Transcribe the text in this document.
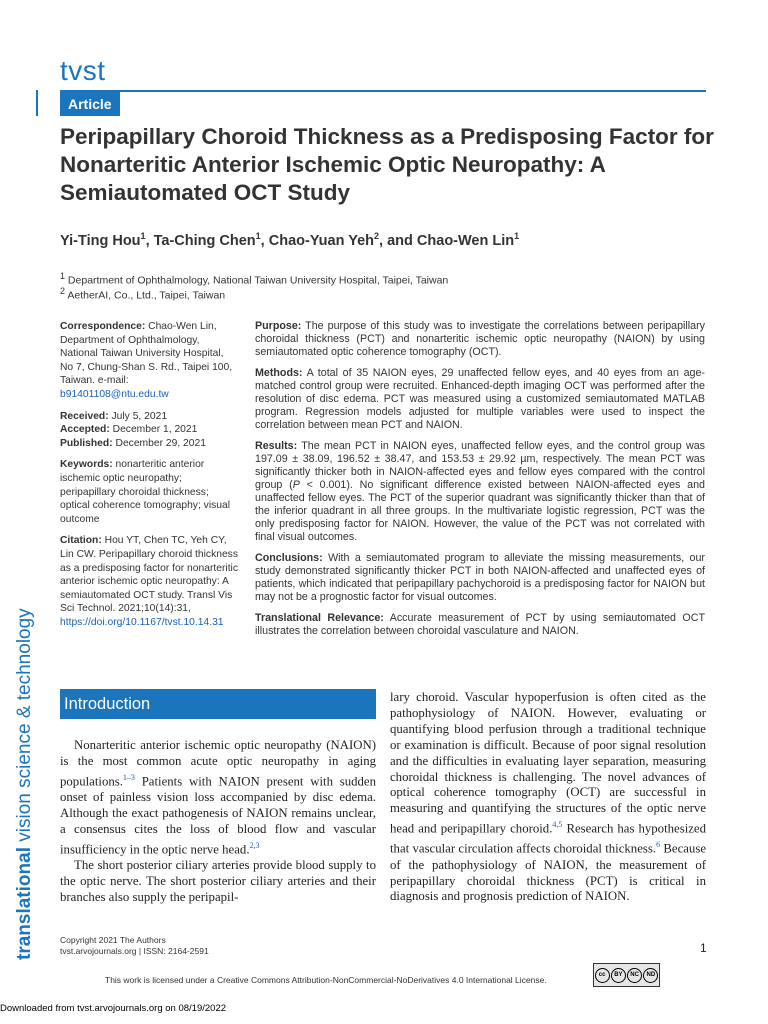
tvst
translational vision science & technology
Article
Peripapillary Choroid Thickness as a Predisposing Factor for Nonarteritic Anterior Ischemic Optic Neuropathy: A Semiautomated OCT Study
Yi-Ting Hou$^1$, Ta-Ching Chen$^1$, Chao-Yuan Yeh$^2$, and Chao-Wen Lin$^1$
$^1$ Department of Ophthalmology, National Taiwan University Hospital, Taipei, Taiwan
$^2$ AetherAI, Co., Ltd., Taipei, Taiwan

Correspondence: Chao-Wen Lin, Department of Ophthalmology, National Taiwan University Hospital, No 7, Chung-Shan S. Rd., Taipei 100, Taiwan. e-mail:
b91401108@ntu.edu.tw

Received: July 5, 2021
Accepted: December 1, 2021
Published: December 29, 2021

Keywords: nonarteritic anterior ischemic optic neuropathy; peripapillary choroidal thickness; optical coherence tomography; visual outcome

Citation: Hou YT, Chen TC, Yeh CY, Lin CW. Peripapillary choroid thickness as a predisposing factor for nonarteritic anterior ischemic optic neuropathy: A semiautomated OCT study. Transl Vis Sci Technol. 2021;10(14):31,
https://doi.org/10.1167/tvst.10.14.31

Purpose: The purpose of this study was to investigate the correlations between peripapillary choroidal thickness (PCT) and nonarteritic ischemic optic neuropathy (NAION) by using semiautomated optic coherence tomography (OCT).

Methods: A total of 35 NAION eyes, 29 unaffected fellow eyes, and 40 eyes from an age-matched control group were recruited. Enhanced-depth imaging OCT was performed after the resolution of disc edema. PCT was measured using a customized semiautomated MATLAB program. Regression models adjusted for multiple variables were used to inspect the correlation between mean PCT and NAION.

Results: The mean PCT in NAION eyes, unaffected fellow eyes, and the control group was 197.09 ± 38.09, 196.52 ± 38.47, and 153.53 ± 29.92 µm, respectively. The mean PCT was significantly thicker both in NAION-affected eyes and fellow eyes compared with the control group (P < 0.001). No significant difference existed between NAION-affected eyes and unaffected fellow eyes. The PCT of the superior quadrant was significantly thicker than that of the inferior quadrant in all three groups. In the multivariate logistic regression, PCT was the only predisposing factor for NAION. However, the value of the PCT was not correlated with final visual outcomes.

Conclusions: With a semiautomated program to alleviate the missing measurements, our study demonstrated significantly thicker PCT in both NAION-affected and unaffected eyes of patients, which indicated that peripapillary pachychoroid is a predisposing factor for NAION but may not be a prognostic factor for visual outcomes.

Translational Relevance: Accurate measurement of PCT by using semiautomated OCT illustrates the correlation between choroidal vasculature and NAION.

Introduction

Nonarteritic anterior ischemic optic neuropathy (NAION) is the most common acute optic neuropathy in aging populations.$^{1-3}$ Patients with NAION present with sudden onset of painless vision loss accompanied by disc edema. Although the exact pathogenesis of NAION remains unclear, a consensus cites the loss of blood flow and vascular insufficiency in the optic nerve head.$^{2,3}$

The short posterior ciliary arteries provide blood supply to the optic nerve. The short posterior ciliary arteries and their branches also supply the peripapil-

lary choroid. Vascular hypoperfusion is often cited as the pathophysiology of NAION. However, evaluating or quantifying blood perfusion through a traditional technique or examination is difficult. Because of poor signal resolution and the difficulties in evaluating layer separation, measuring choroidal thickness is challenging. The novel advances of optical coherence tomography (OCT) are successful in measuring and quantifying the structures of the optic nerve head and peripapillary choroid.$^{4,5}$ Research has hypothesized that vascular circulation affects choroidal thickness.$^6$ Because of the pathophysiology of NAION, the measurement of peripapillary choroidal thickness (PCT) is critical in diagnosis and prognosis prediction of NAION.

Copyright 2021 The Authors
tvst.arvojournals.org | ISSN: 2164-2591	1
This work is licensed under a Creative Commons Attribution-NonCommercial-NoDerivatives 4.0 International License.	cc	BY	NC	ND
Downloaded from tvst.arvojournals.org on 08/19/2022
